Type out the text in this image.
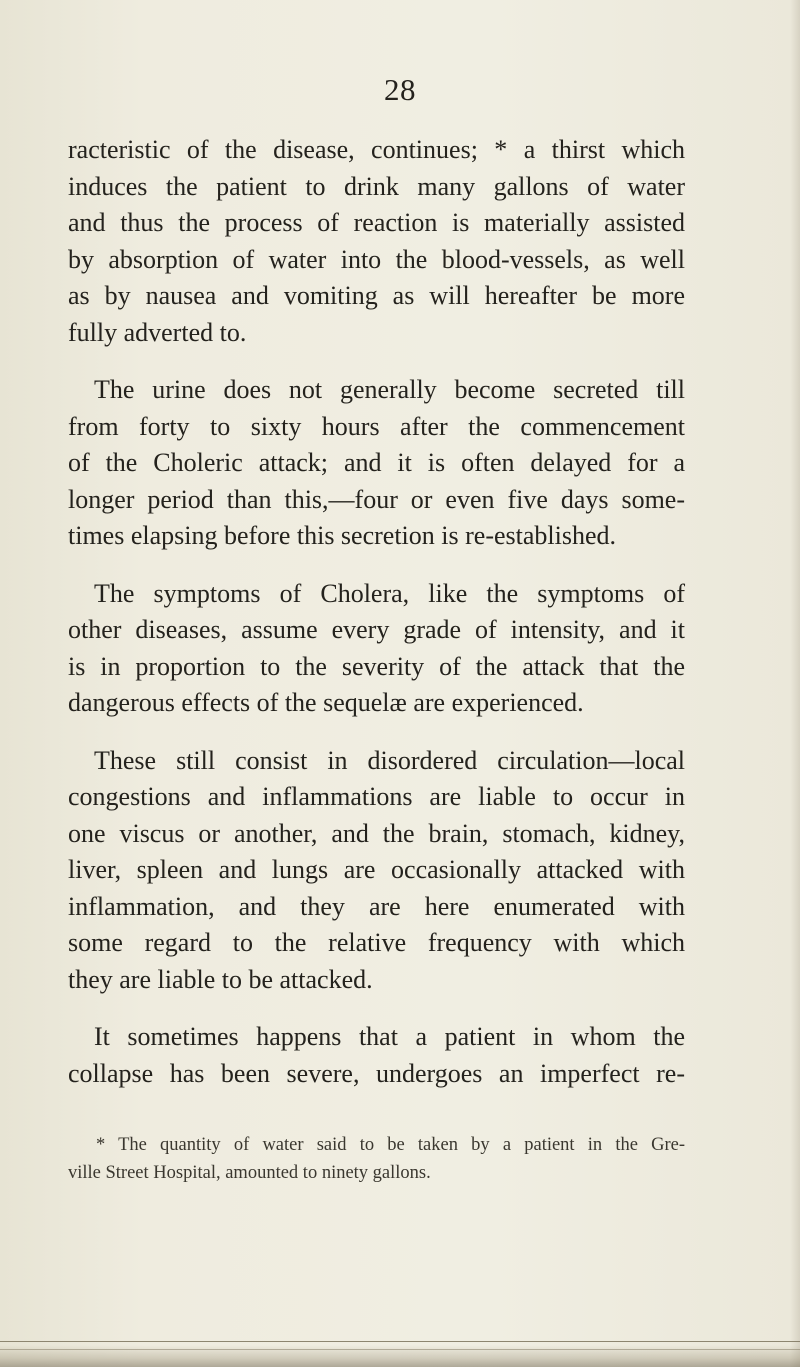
28

racteristic of the disease, continues; * a thirst which
induces the patient to drink many gallons of water
and thus the process of reaction is materially assisted
by absorption of water into the blood-vessels, as well
as by nausea and vomiting as will hereafter be more
fully adverted to.

The urine does not generally become secreted till
from forty to sixty hours after the commencement
of the Choleric attack; and it is often delayed for a
longer period than this,—four or even five days some-
times elapsing before this secretion is re-established.

The symptoms of Cholera, like the symptoms of
other diseases, assume every grade of intensity, and it
is in proportion to the severity of the attack that the
dangerous effects of the sequelæ are experienced.

These still consist in disordered circulation—local
congestions and inflammations are liable to occur in
one viscus or another, and the brain, stomach, kidney,
liver, spleen and lungs are occasionally attacked with
inflammation, and they are here enumerated with
some regard to the relative frequency with which
they are liable to be attacked.

It sometimes happens that a patient in whom the
collapse has been severe, undergoes an imperfect re-

* The quantity of water said to be taken by a patient in the Gre-
ville Street Hospital, amounted to ninety gallons.
